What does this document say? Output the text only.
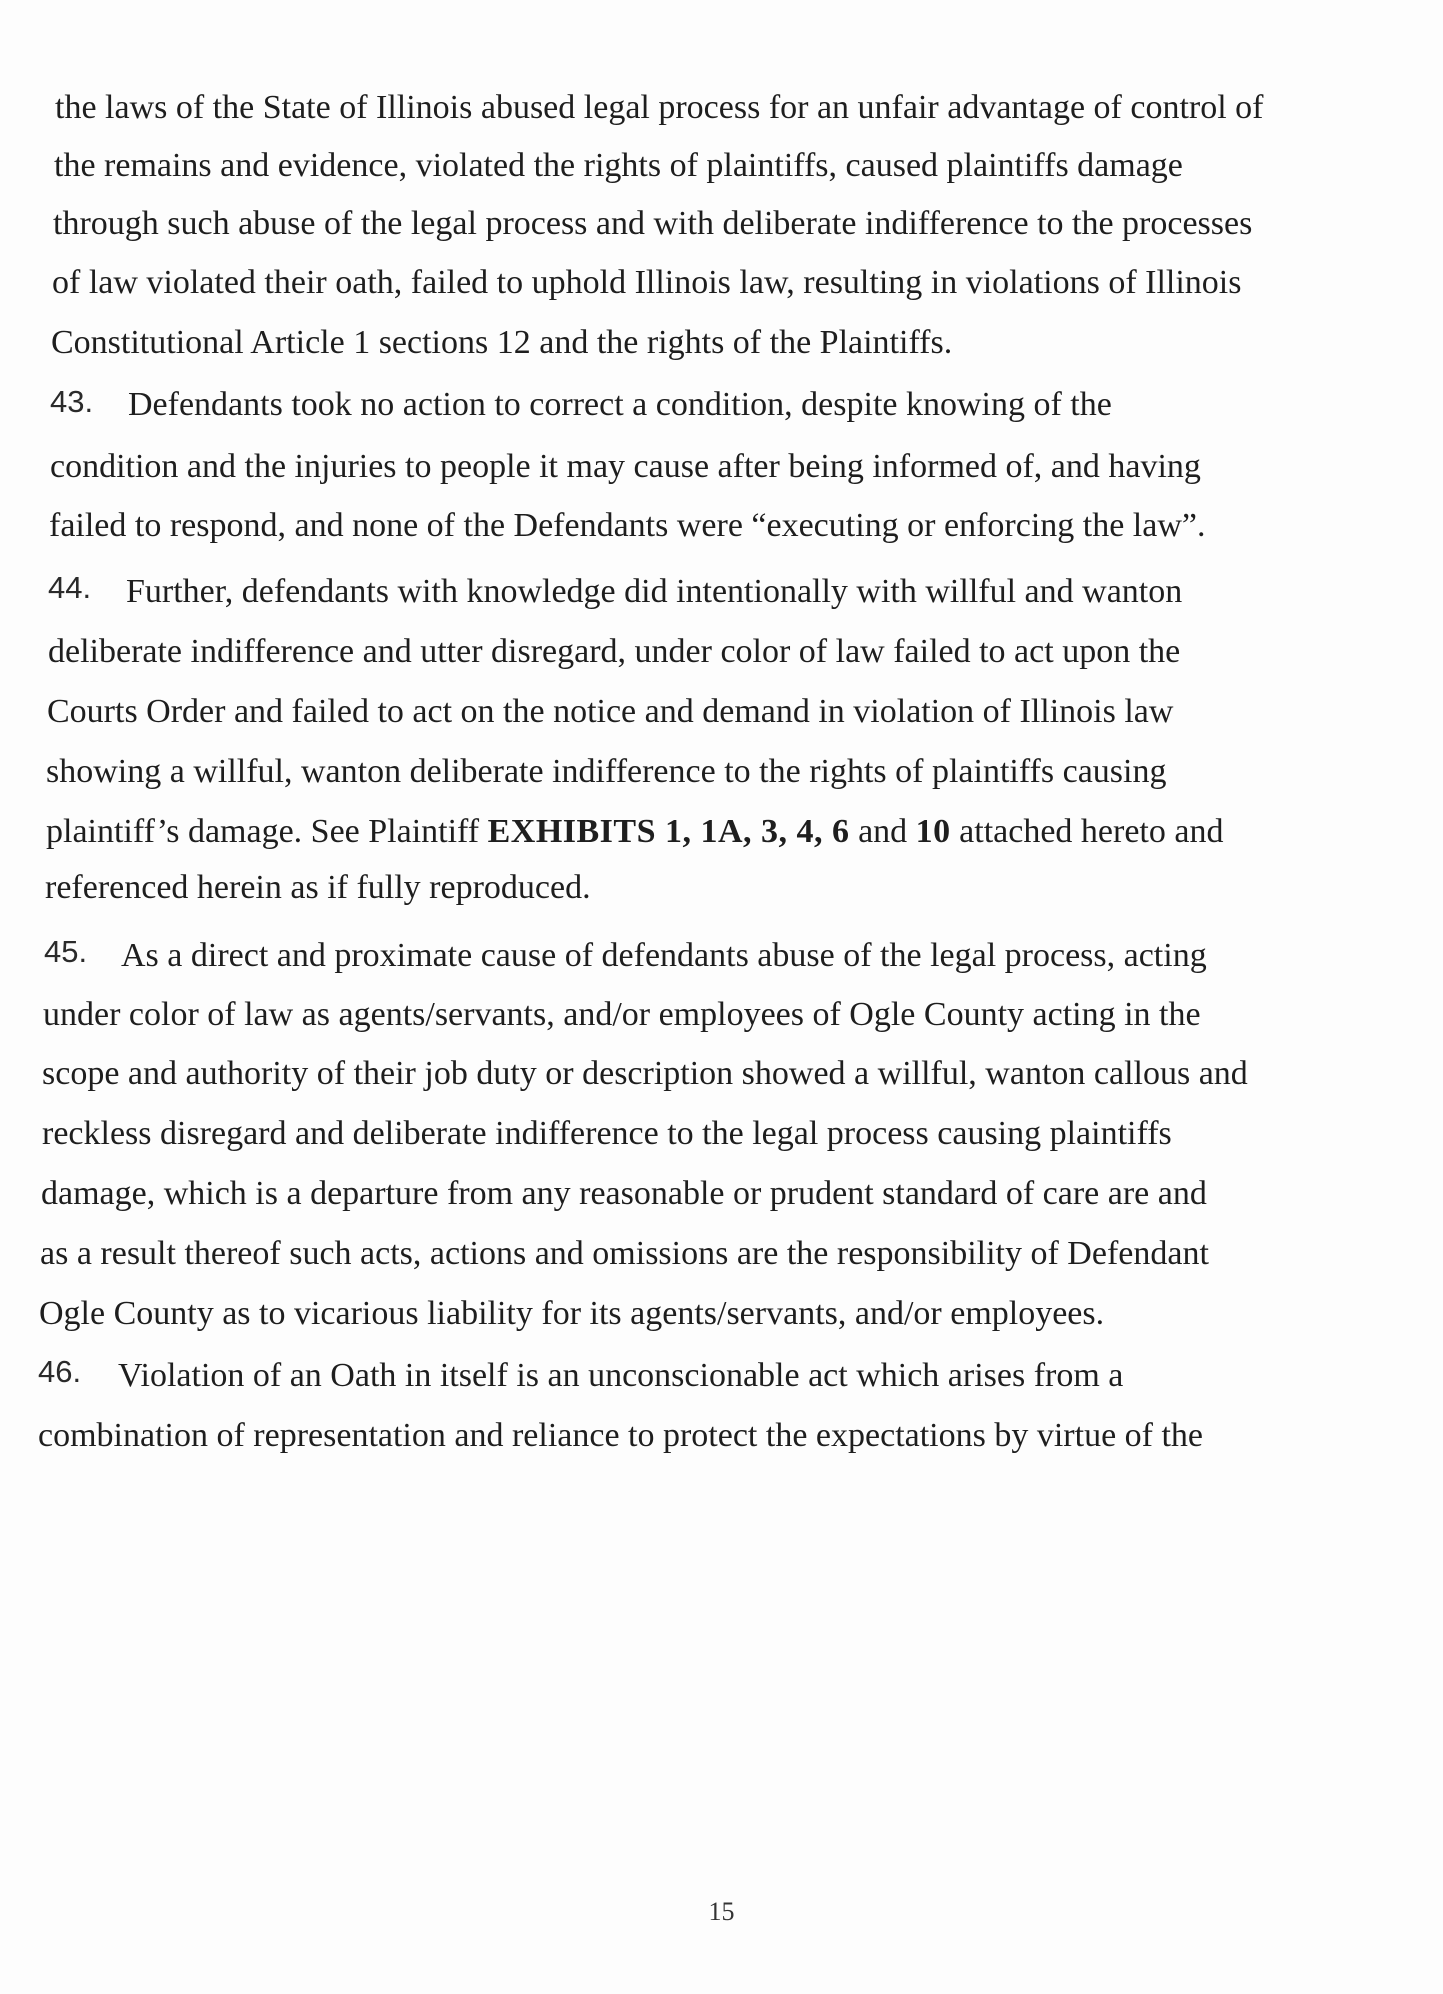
the laws of the State of Illinois abused legal process for an unfair advantage of control of
the remains and evidence, violated the rights of plaintiffs, caused plaintiffs damage
through such abuse of the legal process and with deliberate indifference to the processes
of law violated their oath, failed to uphold Illinois law, resulting in violations of Illinois
Constitutional Article 1 sections 12 and the rights of the Plaintiffs.
43. Defendants took no action to correct a condition, despite knowing of the
condition and the injuries to people it may cause after being informed of, and having
failed to respond, and none of the Defendants were “executing or enforcing the law”.
44. Further, defendants with knowledge did intentionally with willful and wanton
deliberate indifference and utter disregard, under color of law failed to act upon the
Courts Order and failed to act on the notice and demand in violation of Illinois law
showing a willful, wanton deliberate indifference to the rights of plaintiffs causing
plaintiff’s damage. See Plaintiff EXHIBITS 1, 1A, 3, 4, 6 and 10 attached hereto and
referenced herein as if fully reproduced.
45. As a direct and proximate cause of defendants abuse of the legal process, acting
under color of law as agents/servants, and/or employees of Ogle County acting in the
scope and authority of their job duty or description showed a willful, wanton callous and
reckless disregard and deliberate indifference to the legal process causing plaintiffs
damage, which is a departure from any reasonable or prudent standard of care are and
as a result thereof such acts, actions and omissions are the responsibility of Defendant
Ogle County as to vicarious liability for its agents/servants, and/or employees.
46. Violation of an Oath in itself is an unconscionable act which arises from a
combination of representation and reliance to protect the expectations by virtue of the
15
